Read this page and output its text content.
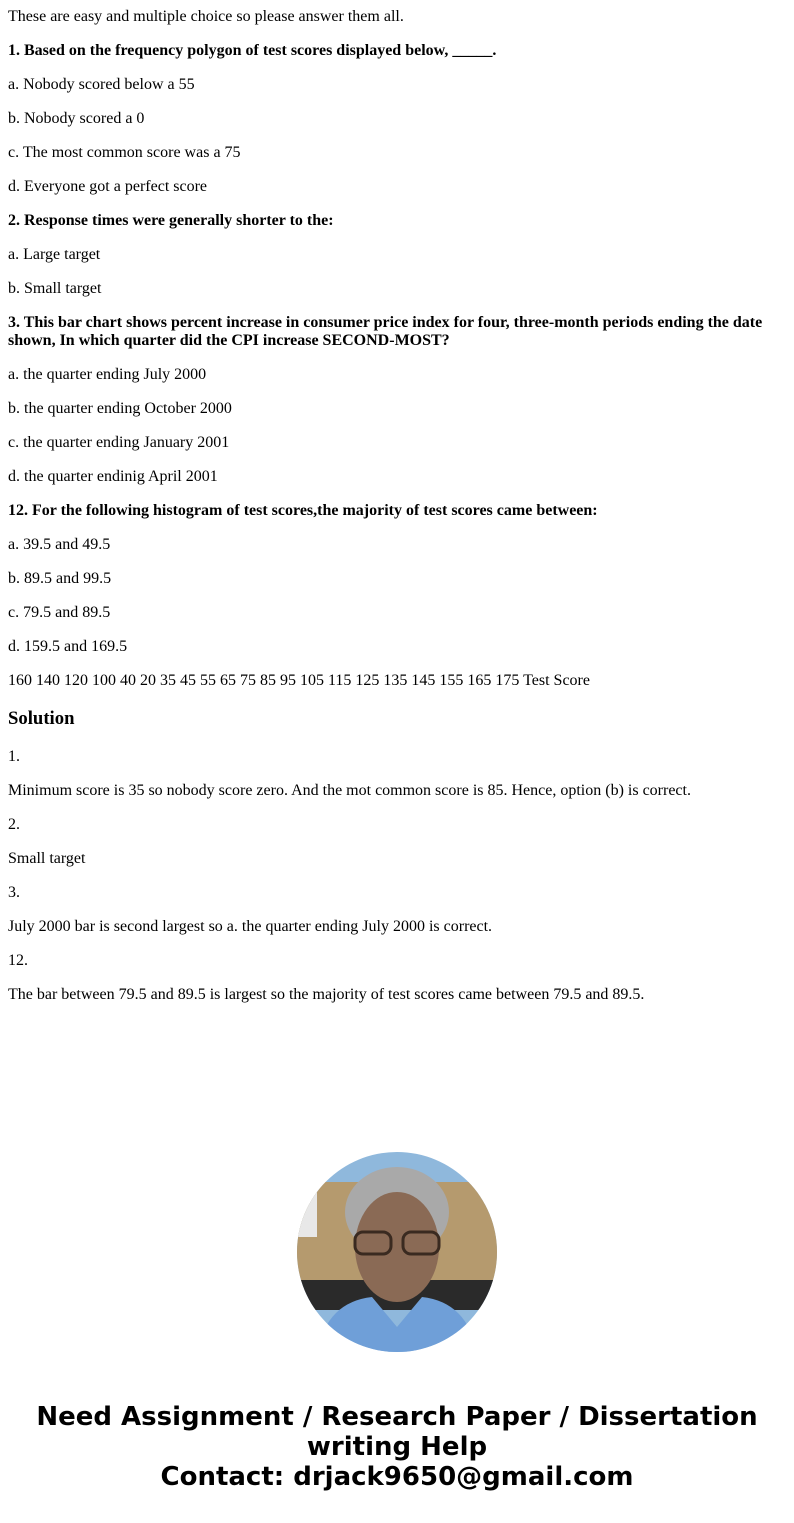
These are easy and multiple choice so please answer them all.

1. Based on the frequency polygon of test scores displayed below, _____.

a. Nobody scored below a 55

b. Nobody scored a 0

c. The most common score was a 75

d. Everyone got a perfect score

2. Response times were generally shorter to the:

a. Large target

b. Small target

3. This bar chart shows percent increase in consumer price index for four, three-month periods ending the date shown, In which quarter did the CPI increase SECOND-MOST?

a. the quarter ending July 2000

b. the quarter ending October 2000

c. the quarter ending January 2001

d. the quarter endinig April 2001

12. For the following histogram of test scores,the majority of test scores came between:

a. 39.5 and 49.5

b. 89.5 and 99.5

c. 79.5 and 89.5

d. 159.5 and 169.5

160 140 120 100 40 20 35 45 55 65 75 85 95 105 115 125 135 145 155 165 175 Test Score

Solution

1.

Minimum score is 35 so nobody score zero. And the mot common score is 85. Hence, option (b) is correct.

2.

Small target

3.

July 2000 bar is second largest so a. the quarter ending July 2000 is correct.

12.

The bar between 79.5 and 89.5 is largest so the majority of test scores came between 79.5 and 89.5.

Need Assignment / Research Paper / Dissertation writing Help
Contact: drjack9650@gmail.com
